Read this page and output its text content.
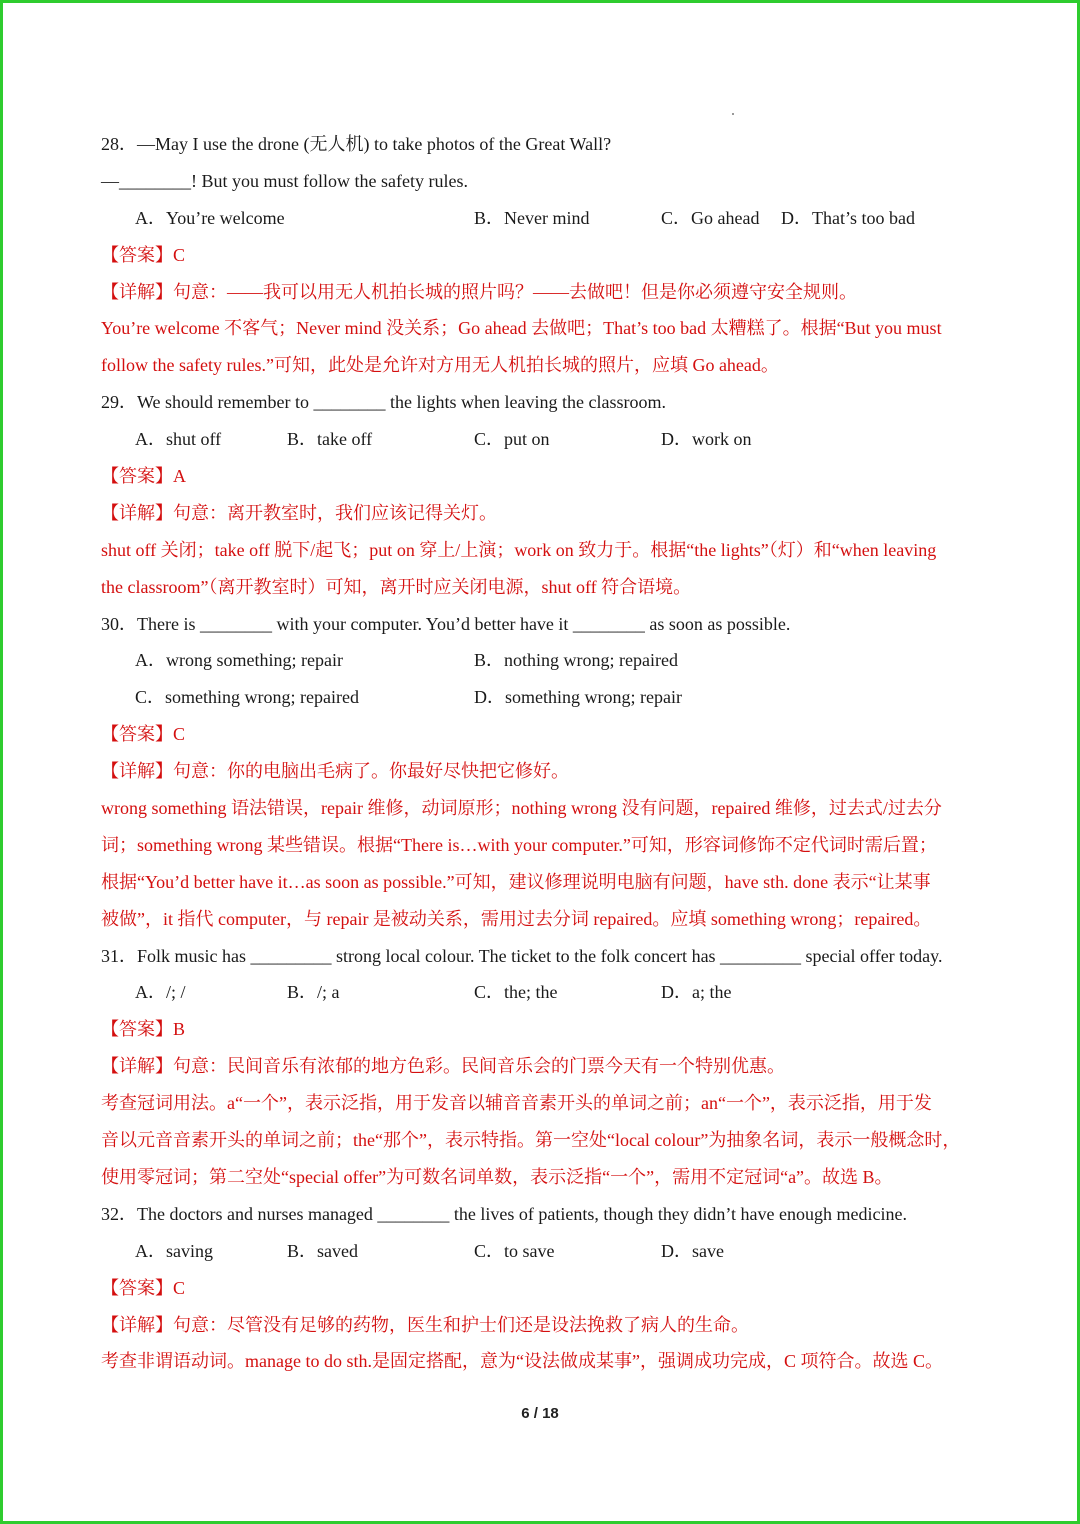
28．—May I use the drone (无人机) to take photos of the Great Wall?
—________! But you must follow the safety rules.
A．You’re welcome	B．Never mind	C．Go ahead D．That’s too bad
【答案】C
【详解】句意：——我可以用无人机拍长城的照片吗？——去做吧！但是你必须遵守安全规则。
You’re welcome 不客气；Never mind 没关系；Go ahead 去做吧；That’s too bad 太糟糕了。根据“But you must
follow the safety rules.”可知，此处是允许对方用无人机拍长城的照片，应填 Go ahead。
29．We should remember to ________ the lights when leaving the classroom.
A．shut off	B．take off	C．put on	D．work on
【答案】A
【详解】句意：离开教室时，我们应该记得关灯。
shut off 关闭；take off 脱下/起飞；put on 穿上/上演；work on 致力于。根据“the lights”（灯）和“when leaving
the classroom”（离开教室时）可知，离开时应关闭电源，shut off 符合语境。
30．There is ________ with your computer. You’d better have it ________ as soon as possible.
A．wrong something; repair	B．nothing wrong; repaired
C．something wrong; repaired	D．something wrong; repair
【答案】C
【详解】句意：你的电脑出毛病了。你最好尽快把它修好。
wrong something 语法错误，repair 维修，动词原形；nothing wrong 没有问题，repaired 维修，过去式/过去分
词；something wrong 某些错误。根据“There is…with your computer.”可知，形容词修饰不定代词时需后置；
根据“You’d better have it…as soon as possible.”可知，建议修理说明电脑有问题，have sth. done 表示“让某事
被做”，it 指代 computer，与 repair 是被动关系，需用过去分词 repaired。应填 something wrong；repaired。
31．Folk music has _________ strong local colour. The ticket to the folk concert has _________ special offer today.
A．/; /	B．/; a	C．the; the	D．a; the
【答案】B
【详解】句意：民间音乐有浓郁的地方色彩。民间音乐会的门票今天有一个特别优惠。
考查冠词用法。a“一个”，表示泛指，用于发音以辅音音素开头的单词之前；an“一个”，表示泛指，用于发
音以元音音素开头的单词之前；the“那个”，表示特指。第一空处“local colour”为抽象名词，表示一般概念时，
使用零冠词；第二空处“special offer”为可数名词单数，表示泛指“一个”，需用不定冠词“a”。故选 B。
32．The doctors and nurses managed ________ the lives of patients, though they didn’t have enough medicine.
A．saving	B．saved	C．to save	D．save
【答案】C
【详解】句意：尽管没有足够的药物，医生和护士们还是设法挽救了病人的生命。
考查非谓语动词。manage to do sth.是固定搭配，意为“设法做成某事”，强调成功完成，C 项符合。故选 C。
6 / 18
